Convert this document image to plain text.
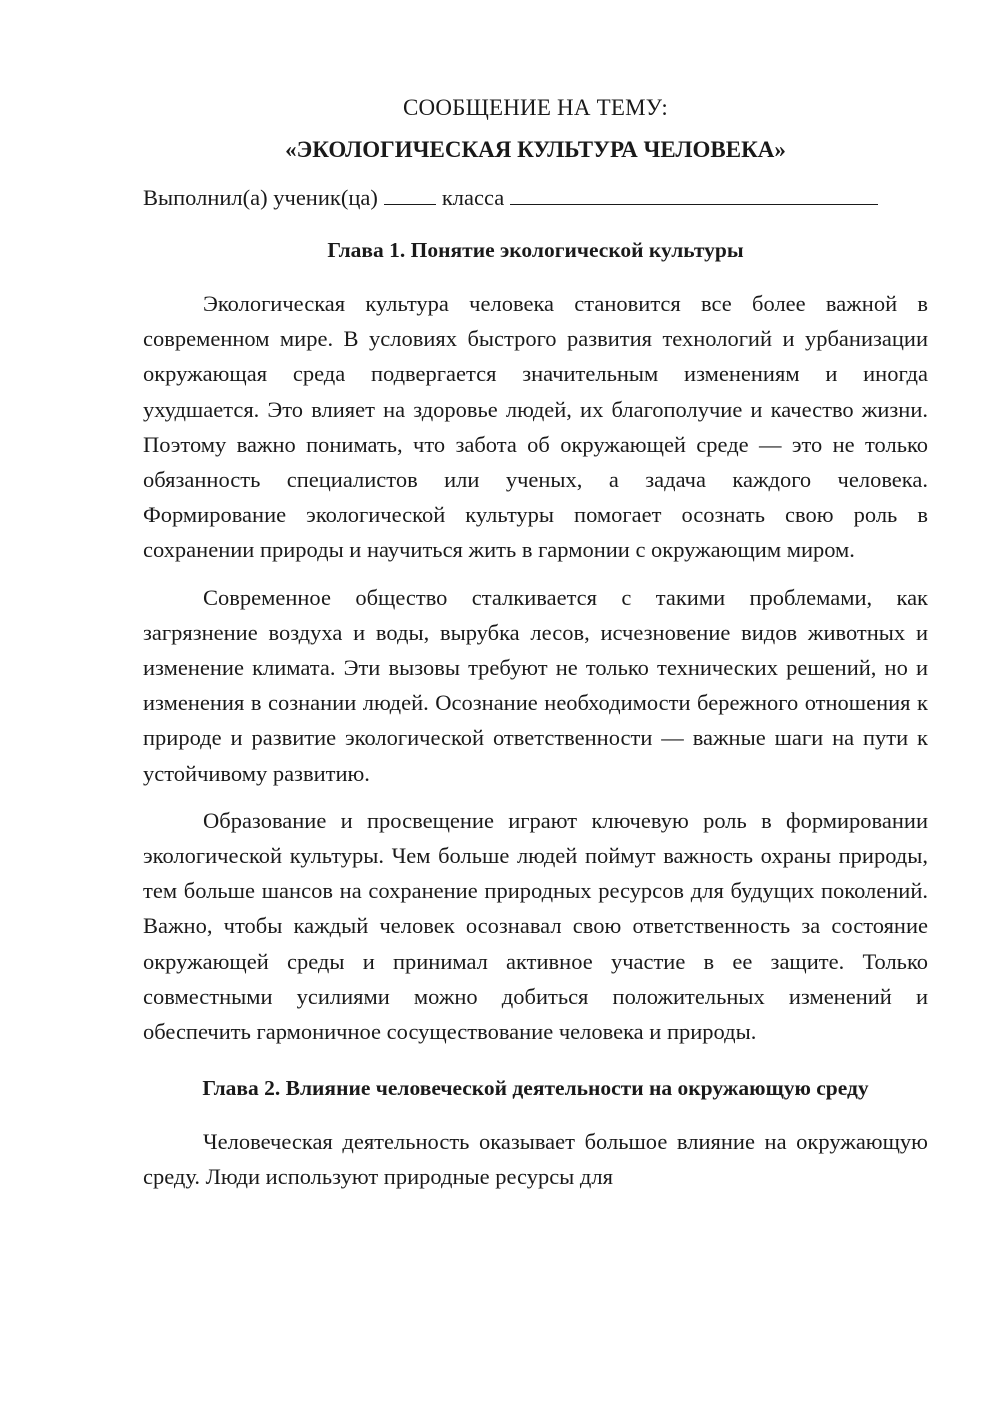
СООБЩЕНИЕ НА ТЕМУ:
«ЭКОЛОГИЧЕСКАЯ КУЛЬТУРА ЧЕЛОВЕКА»

Выполнил(а) ученик(ца)	класса

Глава 1. Понятие экологической культуры

Экологическая культура человека становится все более важной в современном мире. В условиях быстрого развития технологий и урбанизации окружающая среда подвергается значительным изменениям и иногда ухудшается. Это влияет на здоровье людей, их благополучие и качество жизни. Поэтому важно понимать, что забота об окружающей среде — это не только обязанность специалистов или ученых, а задача каждого человека. Формирование экологической культуры помогает осознать свою роль в сохранении природы и научиться жить в гармонии с окружающим миром.

Современное общество сталкивается с такими проблемами, как загрязнение воздуха и воды, вырубка лесов, исчезновение видов животных и изменение климата. Эти вызовы требуют не только технических решений, но и изменения в сознании людей. Осознание необходимости бережного отношения к природе и развитие экологической ответственности — важные шаги на пути к устойчивому развитию.

Образование и просвещение играют ключевую роль в формировании экологической культуры. Чем больше людей поймут важность охраны природы, тем больше шансов на сохранение природных ресурсов для будущих поколений. Важно, чтобы каждый человек осознавал свою ответственность за состояние окружающей среды и принимал активное участие в ее защите. Только совместными усилиями можно добиться положительных изменений и обеспечить гармоничное сосуществование человека и природы.

Глава 2. Влияние человеческой деятельности на окружающую среду

Человеческая деятельность оказывает большое влияние на окружающую среду. Люди используют природные ресурсы для
